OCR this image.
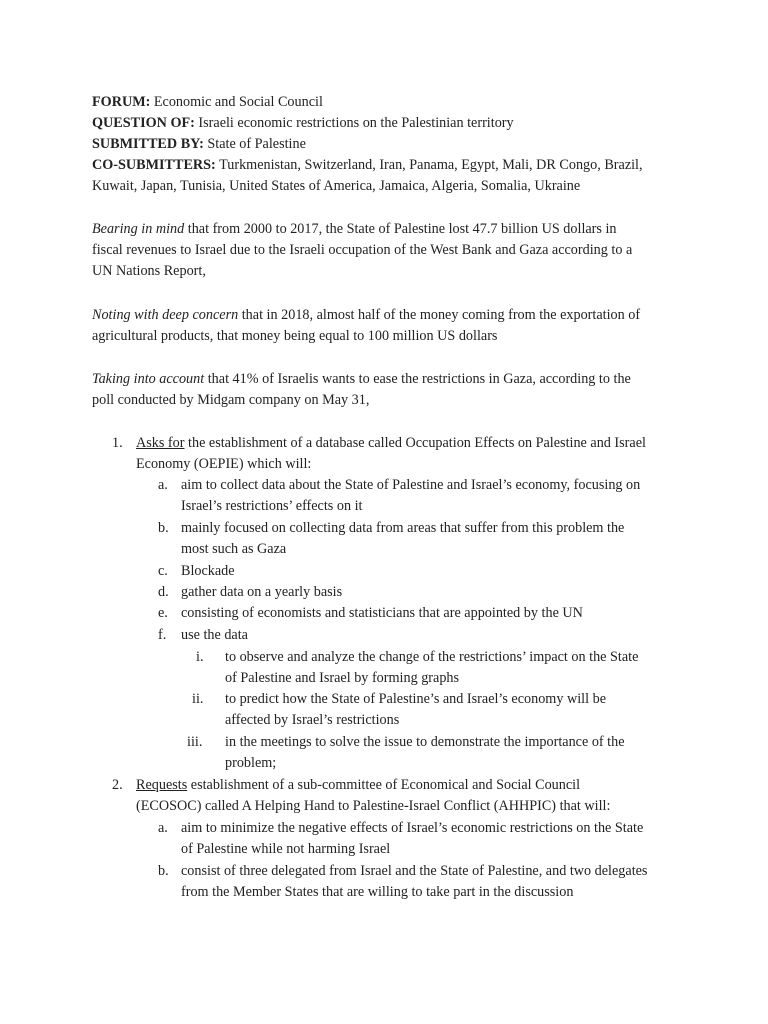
FORUM: Economic and Social Council
QUESTION OF: Israeli economic restrictions on the Palestinian territory
SUBMITTED BY: State of Palestine
CO-SUBMITTERS: Turkmenistan, Switzerland, Iran, Panama, Egypt, Mali, DR Congo, Brazil,
Kuwait, Japan, Tunisia, United States of America, Jamaica, Algeria, Somalia, Ukraine
Bearing in mind that from 2000 to 2017, the State of Palestine lost 47.7 billion US dollars in
fiscal revenues to Israel due to the Israeli occupation of the West Bank and Gaza according to a
UN Nations Report,
Noting with deep concern that in 2018, almost half of the money coming from the exportation of
agricultural products, that money being equal to 100 million US dollars
Taking into account that 41% of Israelis wants to ease the restrictions in Gaza, according to the
poll conducted by Midgam company on May 31,
1. Asks for the establishment of a database called Occupation Effects on Palestine and Israel
Economy (OEPIE) which will:
a. aim to collect data about the State of Palestine and Israel’s economy, focusing on
Israel’s restrictions’ effects on it
b. mainly focused on collecting data from areas that suffer from this problem the
most such as Gaza
c. Blockade
d. gather data on a yearly basis
e. consisting of economists and statisticians that are appointed by the UN
f. use the data
i. to observe and analyze the change of the restrictions’ impact on the State
of Palestine and Israel by forming graphs
ii. to predict how the State of Palestine’s and Israel’s economy will be
affected by Israel’s restrictions
iii. in the meetings to solve the issue to demonstrate the importance of the
problem;
2. Requests establishment of a sub-committee of Economical and Social Council
(ECOSOC) called A Helping Hand to Palestine-Israel Conflict (AHHPIC) that will:
a. aim to minimize the negative effects of Israel’s economic restrictions on the State
of Palestine while not harming Israel
b. consist of three delegated from Israel and the State of Palestine, and two delegates
from the Member States that are willing to take part in the discussion
